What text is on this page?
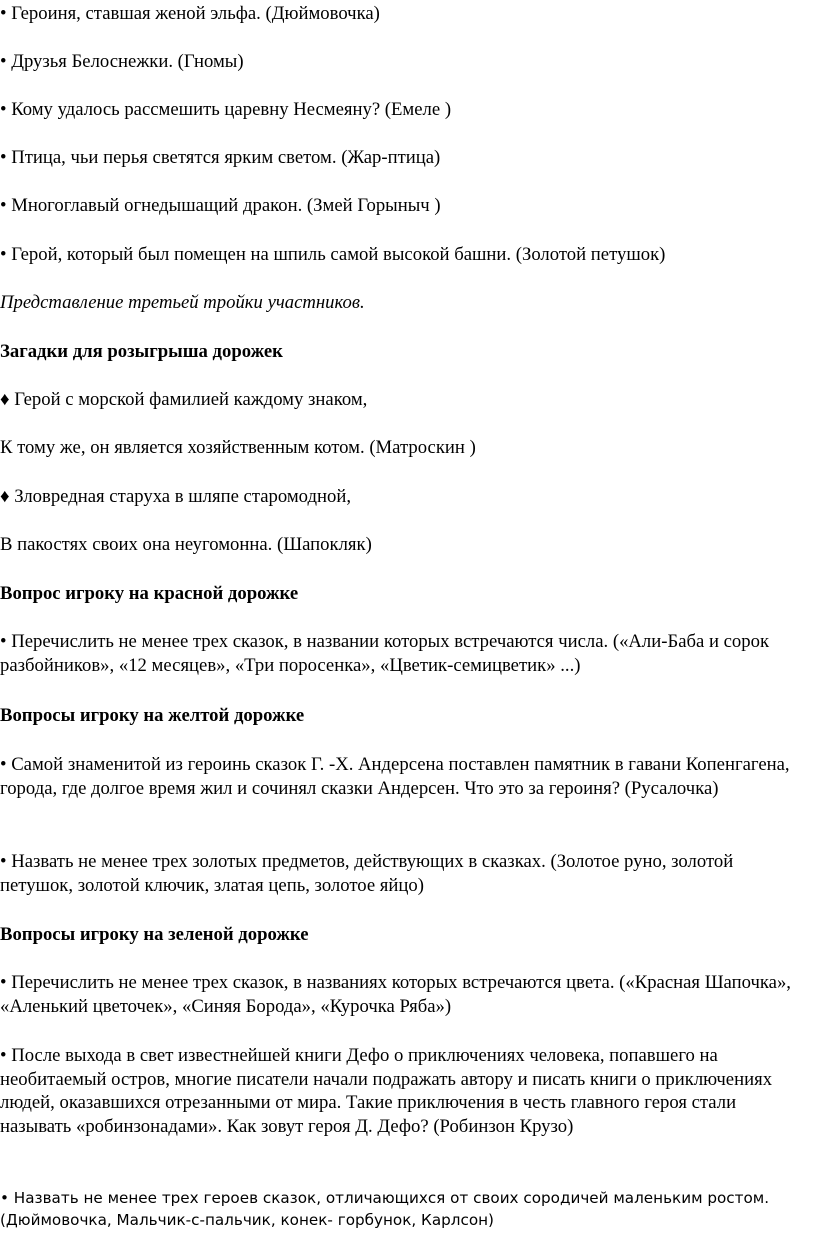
• Героиня, ставшая женой эльфа. (Дюймовочка)

• Друзья Белоснежки. (Гномы)

• Кому удалось рассмешить царевну Несмеяну? (Емеле )

• Птица, чьи перья светятся ярким светом. (Жар-птица)

• Многоглавый огнедышащий дракон. (Змей Горыныч )

• Герой, который был помещен на шпиль самой высокой башни. (Золотой петушок)

Представление третьей тройки участников.

Загадки для розыгрыша дорожек

♦ Герой с морской фамилией каждому знаком,

К тому же, он является хозяйственным котом. (Матроскин )

♦ Зловредная старуха в шляпе старомодной,

В пакостях своих она неугомонна. (Шапокляк)

Вопрос игроку на красной дорожке

• Перечислить не менее трех сказок, в названии которых встречаются числа. («Али-Баба и сорок разбойников», «12 месяцев», «Три поросенка», «Цветик-семицветик» ...)

Вопросы игроку на желтой дорожке

• Самой знаменитой из героинь сказок Г. -Х. Андерсена поставлен памятник в гавани Копенгагена, города, где долгое время жил и сочинял сказки Андерсен. Что это за героиня? (Русалочка)

• Назвать не менее трех золотых предметов, действующих в сказках. (Золотое руно, золотой петушок, золотой ключик, златая цепь, золотое яйцо)

Вопросы игроку на зеленой дорожке

• Перечислить не менее трех сказок, в названиях которых встречаются цвета. («Красная Шапочка», «Аленький цветочек», «Синяя Борода», «Курочка Ряба»)

• После выхода в свет известнейшей книги Дефо о приключениях человека, попавшего на необитаемый остров, многие писатели начали подражать автору и писать книги о приключениях людей, оказавшихся отрезанными от мира. Такие приключения в честь главного героя стали называть «робинзонадами». Как зовут героя Д. Дефо? (Робинзон Крузо)

• Назвать не менее трех героев сказок, отличающихся от своих сородичей маленьким ростом. (Дюймовочка, Мальчик-с-пальчик, конек- горбунок, Карлсон)
